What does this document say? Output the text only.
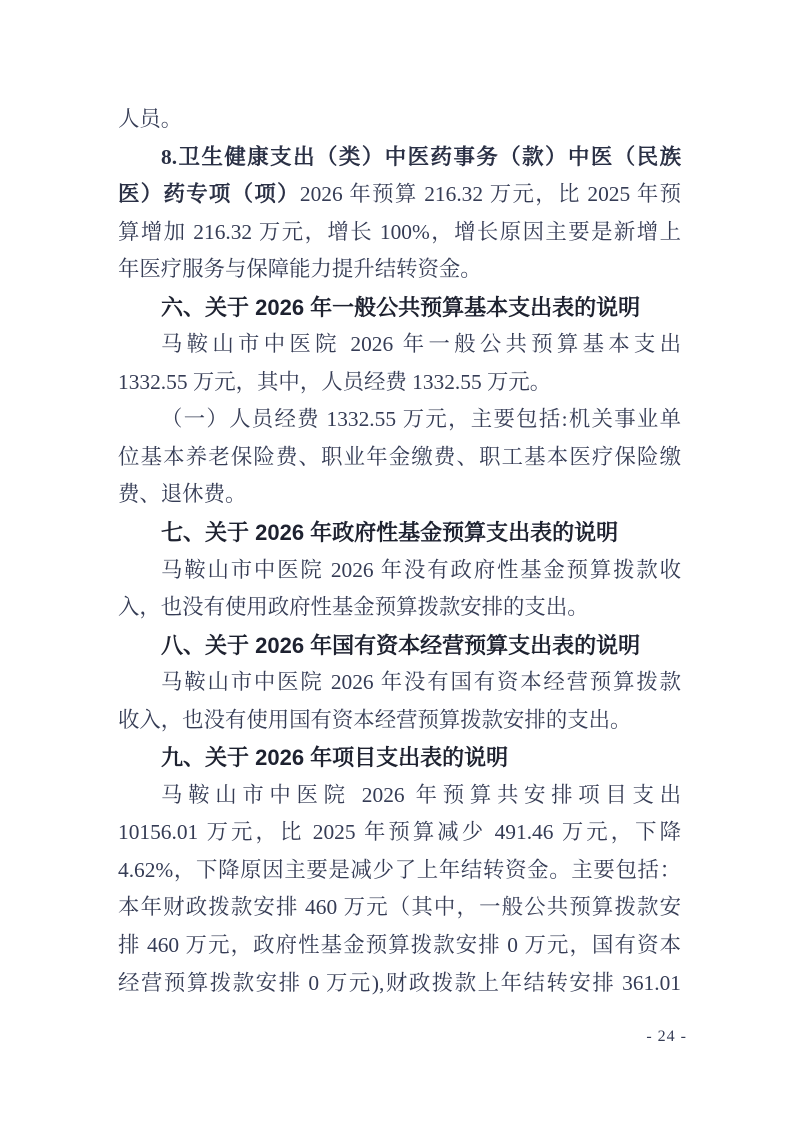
人员。
8.卫生健康支出（类）中医药事务（款）中医（民族
医）药专项（项）2026 年预算 216.32 万元，比 2025 年预
算增加 216.32 万元，增长 100%，增长原因主要是新增上
年医疗服务与保障能力提升结转资金。
六、关于 2026 年一般公共预算基本支出表的说明
马鞍山市中医院 2026 年一般公共预算基本支出
1332.55 万元，其中，人员经费 1332.55 万元。
（一）人员经费 1332.55 万元，主要包括:机关事业单
位基本养老保险费、职业年金缴费、职工基本医疗保险缴
费、退休费。
七、关于 2026 年政府性基金预算支出表的说明
马鞍山市中医院 2026 年没有政府性基金预算拨款收
入，也没有使用政府性基金预算拨款安排的支出。
八、关于 2026 年国有资本经营预算支出表的说明
马鞍山市中医院 2026 年没有国有资本经营预算拨款
收入，也没有使用国有资本经营预算拨款安排的支出。
九、关于 2026 年项目支出表的说明
马鞍山市中医院 2026 年预算共安排项目支出
10156.01 万元，比 2025 年预算减少 491.46 万元，下降
4.62%，下降原因主要是减少了上年结转资金。主要包括：
本年财政拨款安排 460 万元（其中，一般公共预算拨款安
排 460 万元，政府性基金预算拨款安排 0 万元，国有资本
经营预算拨款安排 0 万元),财政拨款上年结转安排 361.01
- 24 -
